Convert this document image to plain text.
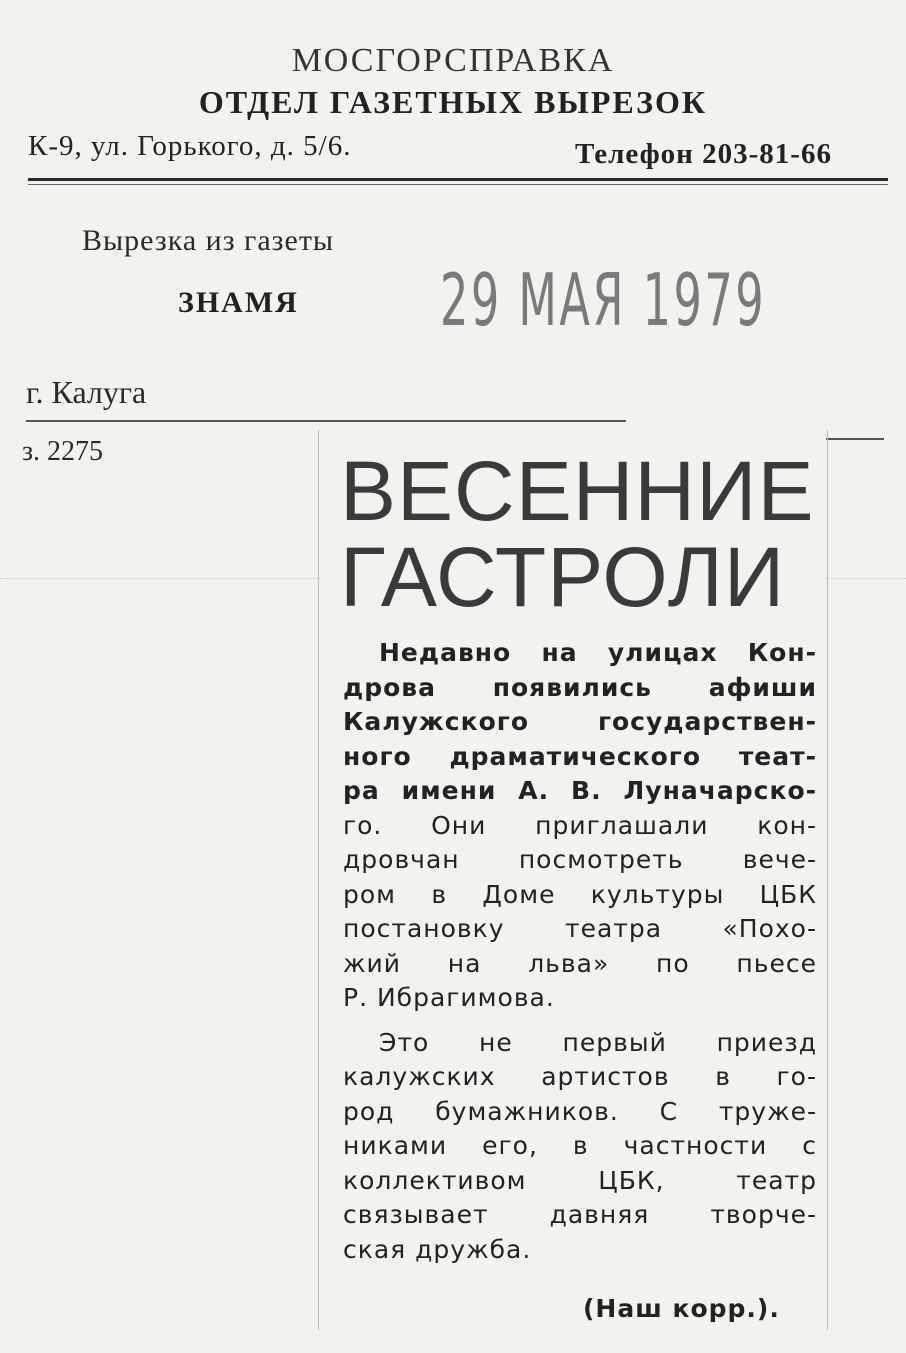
МОСГОРСПРАВКА
ОТДЕЛ ГАЗЕТНЫХ ВЫРЕЗОК
К-9, ул. Горького, д. 5/6.	Телефон 203-81-66
Вырезка из газеты
ЗНАМЯ 29 МАЯ 1979
г. Калуга
з. 2275	ВЕСЕННИЕ
ГАСТРОЛИ
Недавно на улицах Кон-
дрова появились афиши
Калужского государствен-
ного драматического теат-
ра имени А. В. Луначарско-
го. Они приглашали кон-
дровчан посмотреть вече-
ром в Доме культуры ЦБК
постановку театра «Похо-
жий на льва» по пьесе
Р. Ибрагимова.
Это не первый приезд
калужских артистов в го-
род бумажников. С труже-
никами его, в частности с
коллективом ЦБК, театр
связывает давняя творче-
ская дружба.
(Наш корр.).
